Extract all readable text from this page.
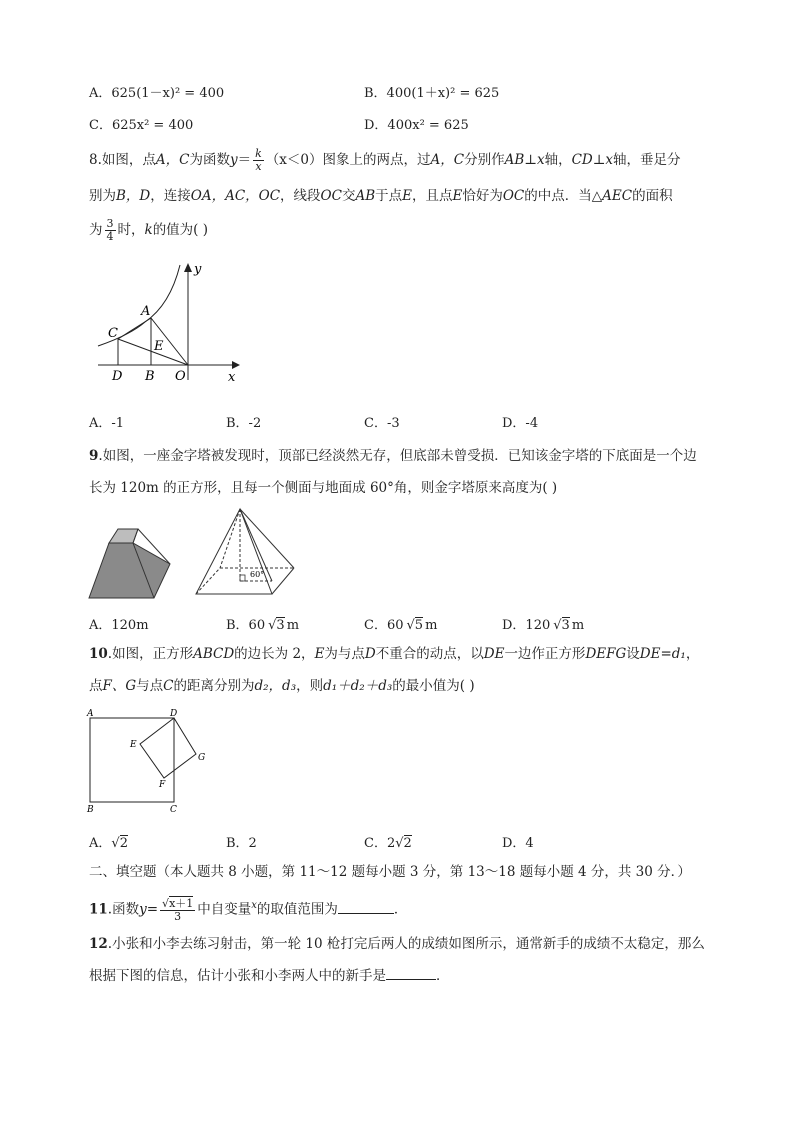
A．625(1－x)² = 400	B．400(1＋x)² = 625
C．625x² = 400	D．400x² = 625
8.如图，点A，C为函数$y= \frac{k}{x} (x<0)$图象上的两点，过A，C分别作AB⊥x轴，CD⊥x轴，垂足分
别为B，D，连接OA，AC，OC，线段OC交AB于点E，且点E恰好为OC的中点．当△AEC的面积
为 $\frac{3}{4}$ 时，k的值为( )
y
x
A
C
E
D B O
A．-1	B．-2	C．-3	D．-4
9.如图，一座金字塔被发现时，顶部已经淡然无存，但底部未曾受损．已知该金字塔的下底面是一个边
长为 120m 的正方形，且每一个侧面与地面成 60°角，则金字塔原来高度为( )
60°
A．120m	B．60 √3 m	C．60 √5 m	D．120 √3 m
10.如图，正方形ABCD的边长为 2，E为与点D不重合的动点，以DE一边作正方形DEFG设DE=d₁，
点F、G与点C的距离分别为d₂，d₃，则d₁＋d₂＋d₃的最小值为( )
A	D
E
G
F
B	C
A．√2	B．2	C．2√2	D．4
二、填空题（本人题共 8 小题，第 11～12 题每小题 3 分，第 13～18 题每小题 4 分，共 30 分．）
11.函数$y= \frac{√x+1}{3}$ 中自变量$^x$的取值范围为	．
12.小张和小李去练习射击，第一轮 10 枪打完后两人的成绩如图所示，通常新手的成绩不太稳定，那么
根据下图的信息，估计小张和小李两人中的新手是	．
